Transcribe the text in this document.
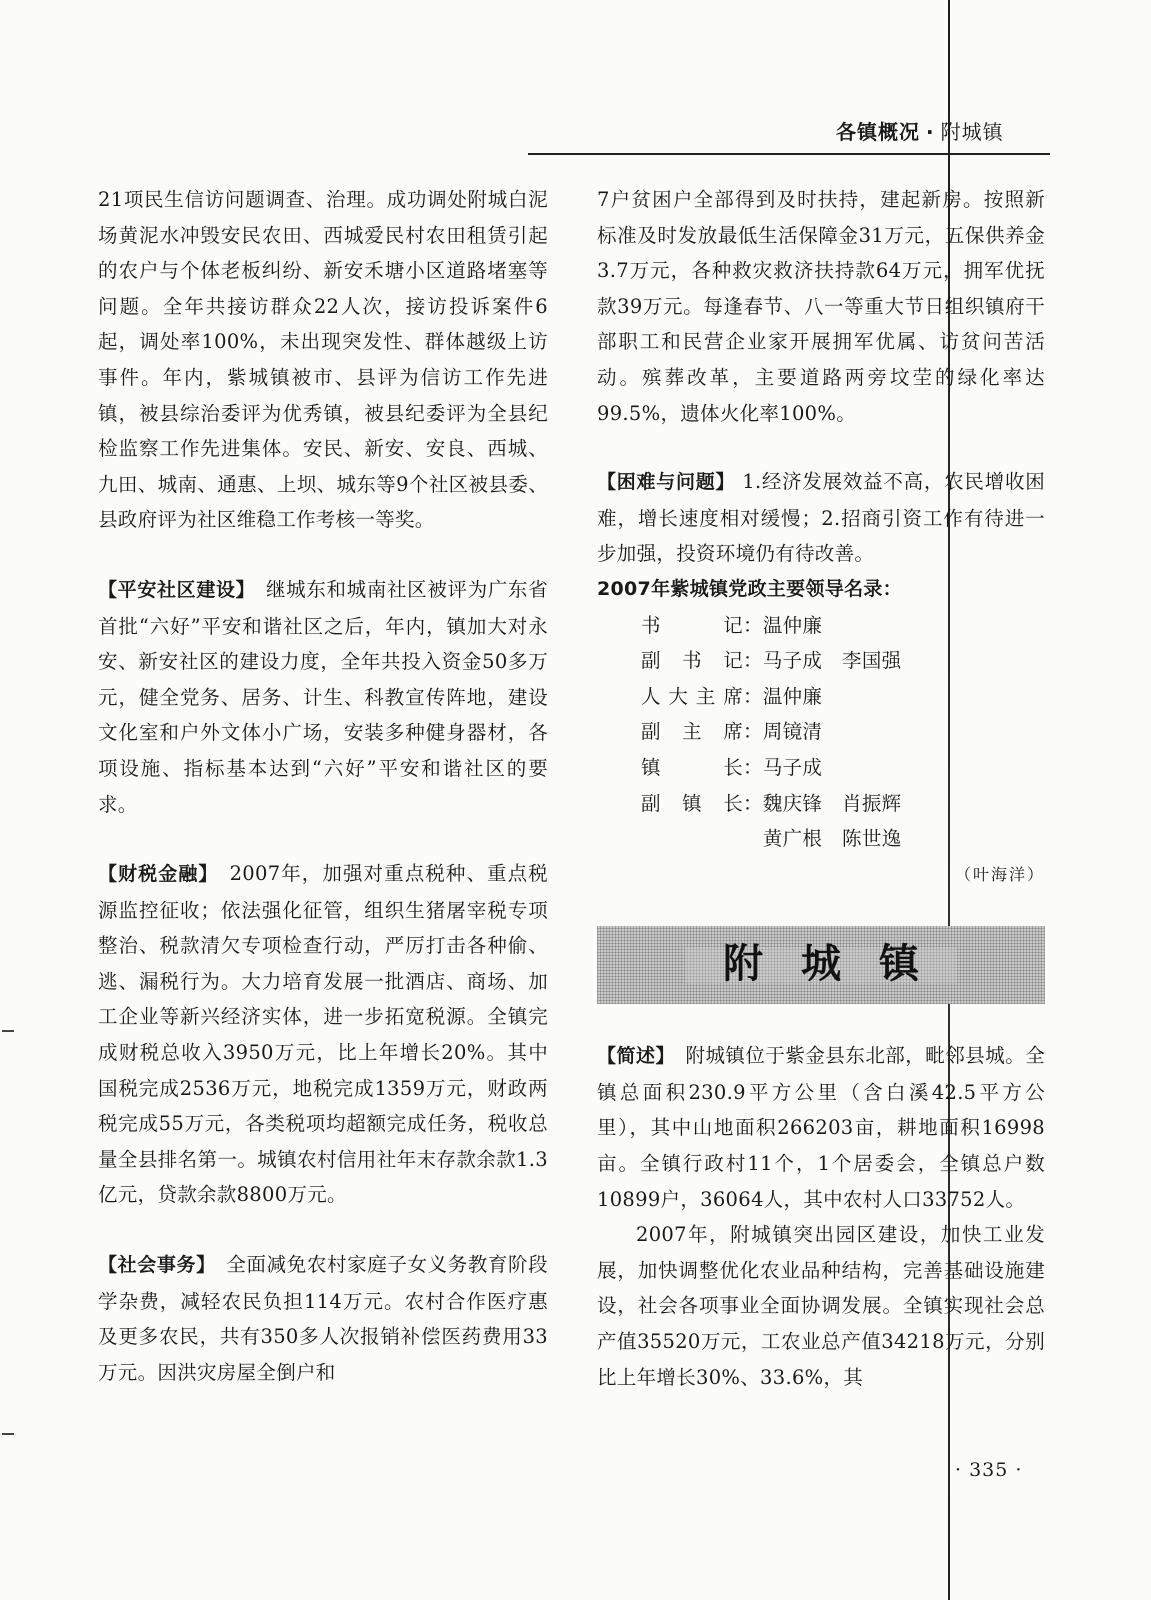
各镇概况 · 附城镇

21项民生信访问题调查、治理。成功调处附城白泥场黄泥水冲毁安民农田、西城爱民村农田租赁引起的农户与个体老板纠纷、新安禾塘小区道路堵塞等问题。全年共接访群众22人次，接访投诉案件6起，调处率100%，未出现突发性、群体越级上访事件。年内，紫城镇被市、县评为信访工作先进镇，被县综治委评为优秀镇，被县纪委评为全县纪检监察工作先进集体。安民、新安、安良、西城、九田、城南、通惠、上坝、城东等9个社区被县委、县政府评为社区维稳工作考核一等奖。

【平安社区建设】　 继城东和城南社区被评为广东省首批“六好”平安和谐社区之后，年内，镇加大对永安、新安社区的建设力度，全年共投入资金50多万元，健全党务、居务、计生、科教宣传阵地，建设文化室和户外文体小广场，安装多种健身器材，各项设施、指标基本达到“六好”平安和谐社区的要求。

【财税金融】　 2007年，加强对重点税种、重点税源监控征收；依法强化征管，组织生猪屠宰税专项整治、税款清欠专项检查行动，严厉打击各种偷、逃、漏税行为。大力培育发展一批酒店、商场、加工企业等新兴经济实体，进一步拓宽税源。全镇完成财税总收入3950万元，比上年增长20%。其中国税完成2536万元，地税完成1359万元，财政两税完成55万元，各类税项均超额完成任务，税收总量全县排名第一。城镇农村信用社年末存款余款1.3亿元，贷款余款8800万元。

【社会事务】　 全面减免农村家庭子女义务教育阶段学杂费，减轻农民负担114万元。农村合作医疗惠及更多农民，共有350多人次报销补偿医药费用33万元。因洪灾房屋全倒户和

7户贫困户全部得到及时扶持，建起新房。按照新标准及时发放最低生活保障金31万元，五保供养金3.7万元，各种救灾救济扶持款64万元，拥军优抚款39万元。每逢春节、八一等重大节日组织镇府干部职工和民营企业家开展拥军优属、访贫问苦活动。殡葬改革，主要道路两旁坟茔的绿化率达99.5%，遗体火化率100%。

【困难与问题】 1.经济发展效益不高，农民增收困难，增长速度相对缓慢；2.招商引资工作有待进一步加强，投资环境仍有待改善。

2007年紫城镇党政主要领导名录：

书记 ： 温仲廉
副书记 ： 马子成　李国强
人大主席 ： 温仲廉
副主席 ： 周镜清
镇长 ： 马子成
副镇长 ： 魏庆锋　肖振辉

黄广根　陈世逸

（叶海洋）

附城镇

【简述】　 附城镇位于紫金县东北部，毗邻县城。全镇总面积230.9平方公里（含白溪42.5平方公里），其中山地面积266203亩，耕地面积16998亩。全镇行政村11个，1个居委会，全镇总户数10899户，36064人，其中农村人口33752人。

2007年，附城镇突出园区建设，加快工业发展，加快调整优化农业品种结构，完善基础设施建设，社会各项事业全面协调发展。全镇实现社会总产值35520万元，工农业总产值34218万元，分别比上年增长30%、33.6%，其

· 335 ·
